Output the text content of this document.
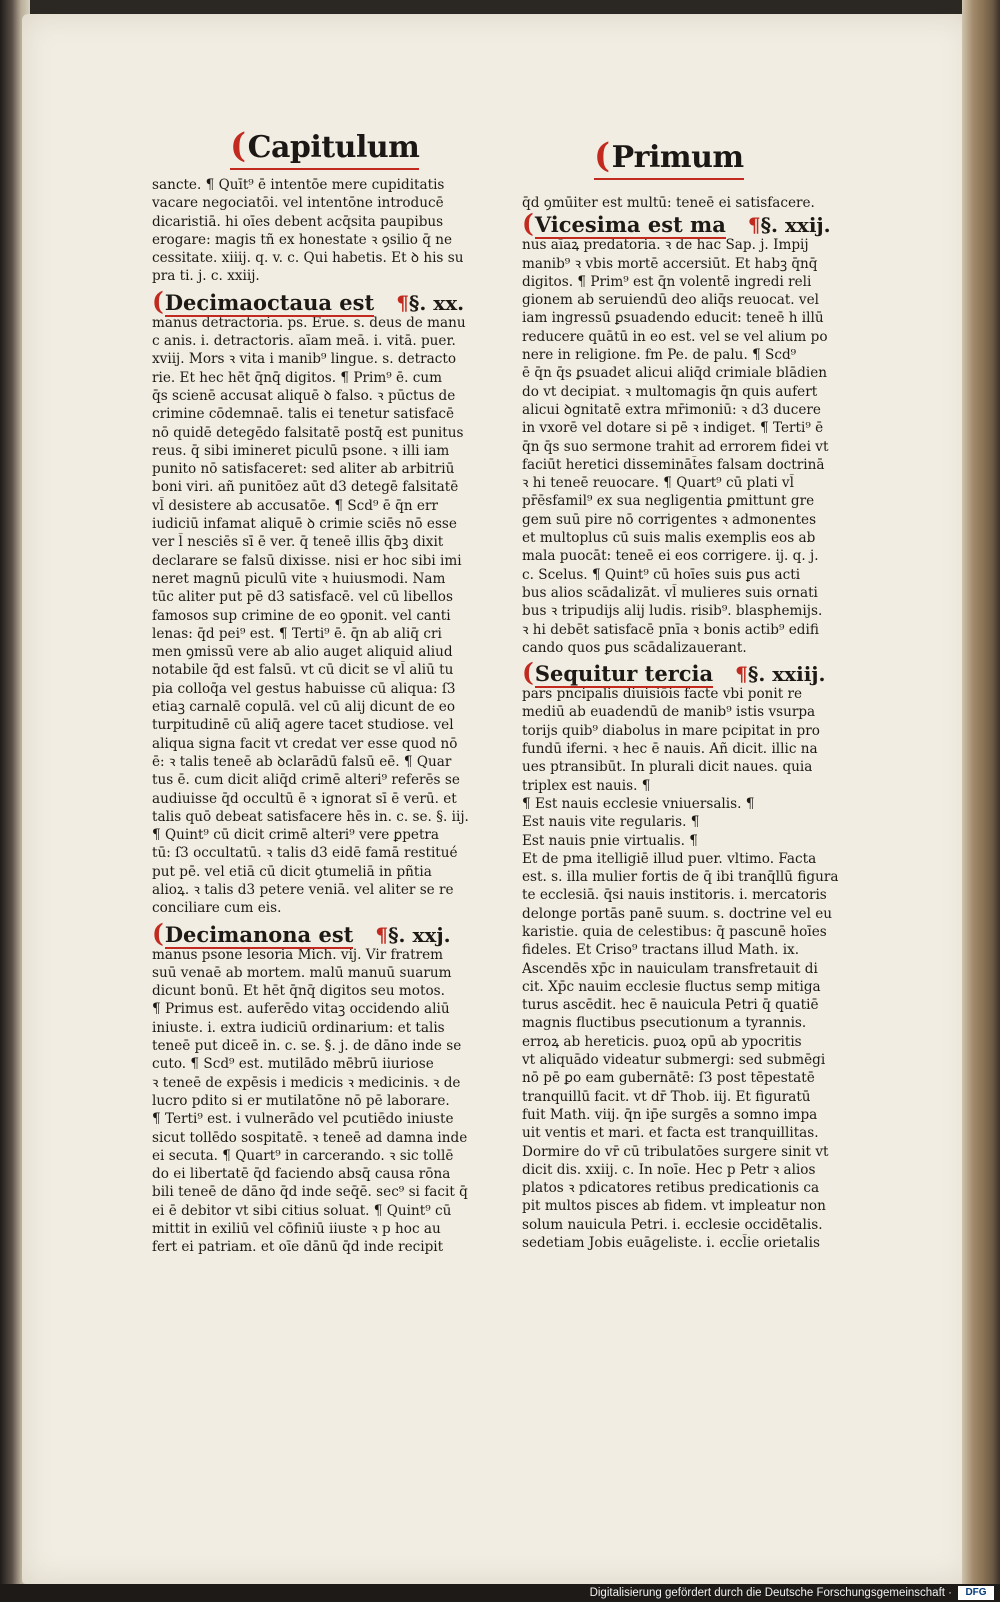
(Capitulum	(Primum
sancte. ¶ Quīt⁹ ē intentōe mere cupiditatis
vacare negociatōi. vel intentōne introducē
dicaristiā. hi oīes debent acq̄sita paupibus
erogare: magis tñ ex honestate ꝛ ꝯsilio q̄ ne
cessitate. xiiij. q. v. c. Qui habetis. Et ꝺ his su
pra ti. j. c. xxiij.
(Decimaoctaua est ¶§. xx.
manus detractoria. ps. Erue. s. deus de manu
c anis. i. detractoris. aīam meā. i. vitā. puer.
xviij. Mors ꝛ vita i manib⁹ lingue. s. detracto
rie. Et hec hēt q̄nq̄ digitos. ¶ Prim⁹ ē. cum
q̄s scienē accusat aliquē ꝺ falso. ꝛ pūctus de
crimine cōdemnaē. talis ei tenetur satisfacē
nō quidē detegēdo falsitatē postq̄ est punitus
reus. q̄ sibi imineret piculū psone. ꝛ illi iam
punito nō satisfaceret: sed aliter ab arbitriū
boni viri. añ punitōez aūt d3 detegē falsitatē
vl̄ desistere ab accusatōe. ¶ Scd⁹ ē q̄n err
iudiciū infamat aliquē ꝺ crimie sciēs nō esse
ver l̄ nesciēs sī ē ver. q̄ teneē illis q̄bꝫ dixit
declarare se falsū dixisse. nisi er hoc sibi imi
neret magnū piculū vite ꝛ huiusmodi. Nam
tūc aliter put pē d3 satisfacē. vel cū libellos
famosos sup crimine de eo ꝯponit. vel canti
lenas: q̄d pei⁹ est. ¶ Terti⁹ ē. q̄n ab aliq̄ cri
men ꝯmissū vere ab alio auget aliquid aliud
notabile q̄d est falsū. vt cū dicit se vl̄ aliū tu
pia colloq̄a vel gestus habuisse cū aliqua: ſ3
etiaꝫ carnalē copulā. vel cū alij dicunt de eo
turpitudinē cū aliq̄ agere tacet studiose. vel
aliqua signa facit vt credat ver esse quod nō
ē: ꝛ talis teneē ab ꝺclarādū falsū eē. ¶ Quar
tus ē. cum dicit aliq̄d crimē alteri⁹ referēs se
audiuisse q̄d occultū ē ꝛ ignorat sī ē verū. et
talis quō debeat satisfacere hēs in. c. se. §. iij.
¶ Quint⁹ cū dicit crimē alteri⁹ vere ꝑpetra
tū: ſ3 occultatū. ꝛ talis d3 eidē famā restitué
put pē. vel etiā cū dicit ꝯtumeliā in pñtia
alioꝝ. ꝛ talis d3 petere veniā. vel aliter se re
conciliare cum eis.
(Decimanona est ¶§. xxj.
manus psone lesoria Mich. vij. Vir fratrem
suū venaē ab mortem. malū manuū suarum
dicunt bonū. Et hēt q̄nq̄ digitos seu motos.
¶ Primus est. auferēdo vitaꝫ occidendo aliū
iniuste. i. extra iudiciū ordinarium: et talis
teneē put diceē in. c. se. §. j. de dāno inde se
cuto. ¶ Scd⁹ est. mutilādo mēbrū iiuriose
ꝛ teneē de expēsis i medicis ꝛ medicinis. ꝛ de
lucro pdito si er mutilatōne nō pē laborare.
¶ Terti⁹ est. i vulnerādo vel pcutiēdo iniuste
sicut tollēdo sospitatē. ꝛ teneē ad damna inde
ei secuta. ¶ Quart⁹ in carcerando. ꝛ sic tollē
do ei libertatē q̄d faciendo absq̄ causa rōna
bili teneē de dāno q̄d inde seq̄ē. sec⁹ si facit q̄
ei ē debitor vt sibi citius soluat. ¶ Quint⁹ cū
mittit in exiliū vel cōfiniū iiuste ꝛ p hoc au
fert ei patriam. et oīe dānū q̄d inde recipit
q̄d ꝯmūiter est multū: teneē ei satisfacere.
(Vicesima est ma ¶§. xxij.
nus aīaꝝ predatoria. ꝛ de hac Sap. j. Impij
manib⁹ ꝛ vbis mortē accersiūt. Et habꝫ q̄nq̄
digitos. ¶ Prim⁹ est q̄n volentē ingredi reli
gionem ab seruiendū deo aliq̄s reuocat. vel
iam ingressū ꝑsuadendo educit: teneē h illū
reducere quātū in eo est. vel se vel alium po
nere in religione. fm Pe. de palu. ¶ Scd⁹
ē q̄n q̄s ꝑsuadet alicui aliq̄d crimiale blādien
do vt decipiat. ꝛ multomagis q̄n quis aufert
alicui ꝺgnitatē extra mr̄imoniū: ꝛ d3 ducere
in vxorē vel dotare si pē ꝛ indiget. ¶ Terti⁹ ē
q̄n q̄s suo sermone trahit ad errorem fidei vt
faciūt heretici dissemināt̄es falsam doctrinā
ꝛ hi teneē reuocare. ¶ Quart⁹ cū plati vl̄
pr̄ēsfamil⁹ ex sua negligentia ꝑmittunt gre
gem suū pire nō corrigentes ꝛ admonentes
et multoplus cū suis malis exemplis eos ab
mala puocāt: teneē ei eos corrigere. ij. q. j.
c. Scelus. ¶ Quint⁹ cū hoīes suis ꝑus acti
bus alios scādalizāt. vl̄ mulieres suis ornati
bus ꝛ tripudijs alij ludis. risib⁹. blasphemijs.
ꝛ hi debēt satisfacē pnīa ꝛ bonis actib⁹ edifi
cando quos ꝑus scādalizauerant.
(Sequitur tercia ¶§. xxiij.
pars pncipalis diuisiōis facte vbi ponit re
mediū ab euadendū de manib⁹ istis vsurpa
torijs quib⁹ diabolus in mare pcipitat in pro
fundū iferni. ꝛ hec ē nauis. Añ dicit. illic na
ues ptransibūt. In plurali dicit naues. quia
triplex est nauis. ¶
¶ Est nauis ecclesie vniuersalis. ¶
Est nauis vite regularis. ¶
Est nauis pnie virtualis. ¶
Et de pma itelligiē illud puer. vltimo. Facta
est. s. illa mulier fortis de q̄ ibi tranq̄llū figura
te ecclesiā. q̄si nauis institoris. i. mercatoris
delonge portās panē suum. s. doctrine vel eu
karistie. quia de celestibus: q̄ pascunē hoīes
fideles. Et Criso⁹ tractans illud Math. ix.
Ascendēs xp̄c in nauiculam transfretauit di
cit. Xp̄c nauim ecclesie fluctus semp mitiga
turus ascēdit. hec ē nauicula Petri q̄ quatiē
magnis fluctibus psecutionum a tyrannis.
erroꝝ ab hereticis. ꝑuoꝝ opū ab ypocritis
vt aliquādo videatur submergi: sed submēgi
nō pē ꝑo eam gubernātē: ſ3 post tēpestatē
tranquillū facit. vt dr̄ Thob. iij. Et figuratū
fuit Math. viij. q̄n ip̄e surgēs a somno impa
uit ventis et mari. et facta est tranquillitas.
Dormire do vr̄ cū tribulatōes surgere sinit vt
dicit dis. xxiij. c. In noīe. Hec p Petr ꝛ alios
platos ꝛ pdicatores retibus predicationis ca
pit multos pisces ab fidem. vt impleatur non
solum nauicula Petri. i. ecclesie occidētalis.
sedetiam Jobis euāgeliste. i. eccl̄ie orietalis
Digitalisierung gefördert durch die Deutsche Forschungsgemeinschaft ·	DFG
